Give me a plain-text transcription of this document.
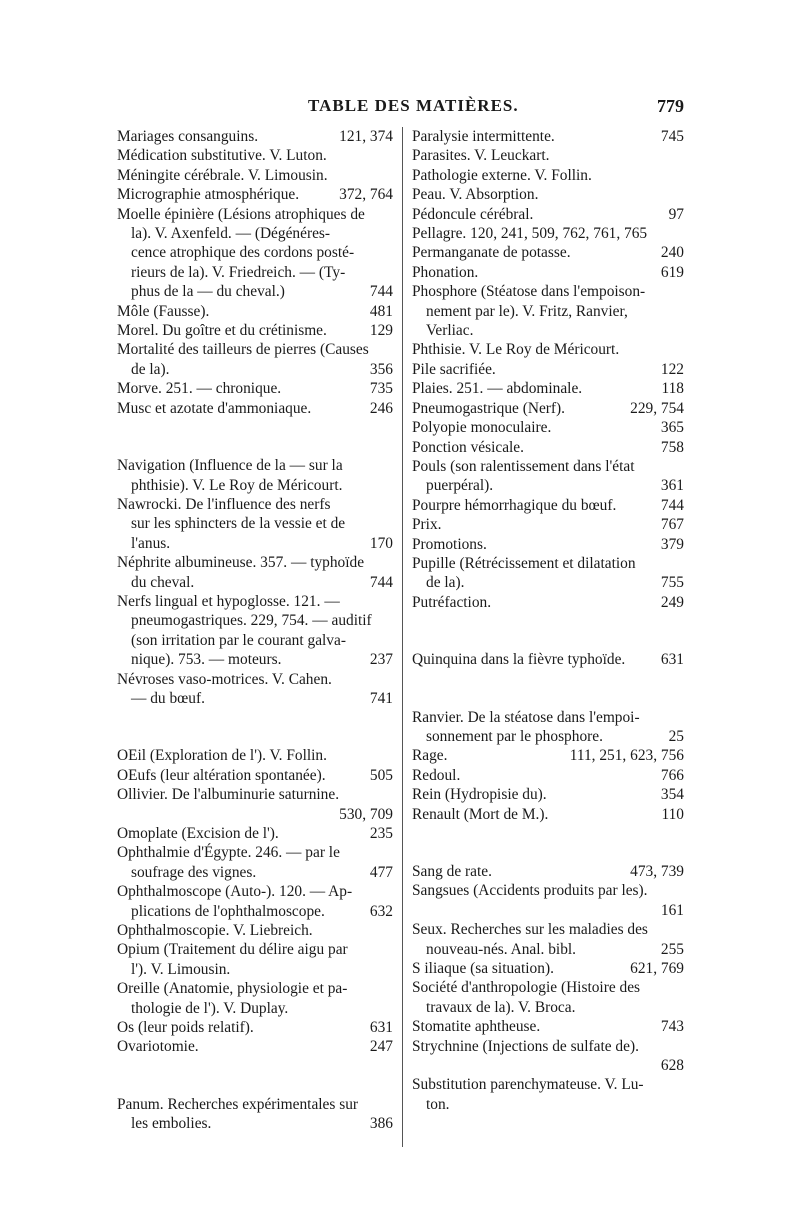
TABLE DES MATIÈRES.	779
Mariages consanguins.	121, 374
Médication substitutive. V. Luton.
Méningite cérébrale. V. Limousin.
Micrographie atmosphérique.	372, 764
Moelle épinière (Lésions atrophiques de
la). V. Axenfeld. — (Dégénéres-
cence atrophique des cordons posté-
rieurs de la). V. Friedreich. — (Ty-
phus de la — du cheval.)	744
Môle (Fausse).	481
Morel. Du goître et du crétinisme.	129
Mortalité des tailleurs de pierres (Causes
de la).	356
Morve. 251. — chronique.	735
Musc et azotate d'ammoniaque.	246
Navigation (Influence de la — sur la
phthisie). V. Le Roy de Méricourt.
Nawrocki. De l'influence des nerfs
sur les sphincters de la vessie et de
l'anus.	170
Néphrite albumineuse. 357. — typhoïde
du cheval.	744
Nerfs lingual et hypoglosse. 121. —
pneumogastriques. 229, 754. — auditif
(son irritation par le courant galva-
nique). 753. — moteurs.	237
Névroses vaso-motrices. V. Cahen.
— du bœuf.	741
OEil (Exploration de l'). V. Follin.
OEufs (leur altération spontanée).	505
Ollivier. De l'albuminurie saturnine.
530, 709
Omoplate (Excision de l').	235
Ophthalmie d'Égypte. 246. — par le
soufrage des vignes.	477
Ophthalmoscope (Auto-). 120. — Ap-
plications de l'ophthalmoscope.	632
Ophthalmoscopie. V. Liebreich.
Opium (Traitement du délire aigu par
l'). V. Limousin.
Oreille (Anatomie, physiologie et pa-
thologie de l'). V. Duplay.
Os (leur poids relatif).	631
Ovariotomie.	247
Panum. Recherches expérimentales sur
les embolies.	386
Paralysie intermittente.	745
Parasites. V. Leuckart.
Pathologie externe. V. Follin.
Peau. V. Absorption.
Pédoncule cérébral.	97
Pellagre. 120, 241, 509, 762, 761, 765
Permanganate de potasse.	240
Phonation.	619
Phosphore (Stéatose dans l'empoison-
nement par le). V. Fritz, Ranvier,
Verliac.
Phthisie. V. Le Roy de Méricourt.
Pile sacrifiée.	122
Plaies. 251. — abdominale.	118
Pneumogastrique (Nerf).	229, 754
Polyopie monoculaire.	365
Ponction vésicale.	758
Pouls (son ralentissement dans l'état
puerpéral).	361
Pourpre hémorrhagique du bœuf.	744
Prix.	767
Promotions.	379
Pupille (Rétrécissement et dilatation
de la).	755
Putréfaction.	249
Quinquina dans la fièvre typhoïde. 631
Ranvier. De la stéatose dans l'empoi-
sonnement par le phosphore.	25
Rage.	111, 251, 623, 756
Redoul.	766
Rein (Hydropisie du).	354
Renault (Mort de M.).	110
Sang de rate.	473, 739
Sangsues (Accidents produits par les).
161
Seux. Recherches sur les maladies des
nouveau-nés. Anal. bibl.	255
S iliaque (sa situation).	621, 769
Société d'anthropologie (Histoire des
travaux de la). V. Broca.
Stomatite aphtheuse.	743
Strychnine (Injections de sulfate de).
628
Substitution parenchymateuse. V. Lu-
ton.
